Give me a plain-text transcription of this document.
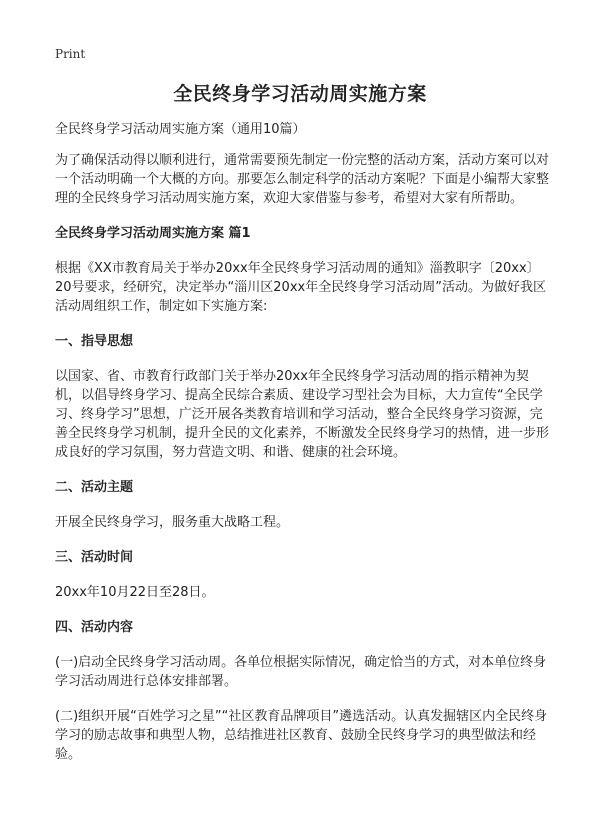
Print
全民终身学习活动周实施方案

全民终身学习活动周实施方案（通用10篇）

为了确保活动得以顺利进行，通常需要预先制定一份完整的活动方案，活动方案可以对一个活动明确一个大概的方向。那要怎么制定科学的活动方案呢？下面是小编帮大家整理的全民终身学习活动周实施方案，欢迎大家借鉴与参考，希望对大家有所帮助。

全民终身学习活动周实施方案 篇1

根据《XX市教育局关于举办20xx年全民终身学习活动周的通知》淄教职字〔20xx〕20号要求，经研究，决定举办“淄川区20xx年全民终身学习活动周”活动。为做好我区活动周组织工作，制定如下实施方案:

一、指导思想

以国家、省、市教育行政部门关于举办20xx年全民终身学习活动周的指示精神为契机，以倡导终身学习、提高全民综合素质、建设学习型社会为目标，大力宣传“全民学习、终身学习”思想，广泛开展各类教育培训和学习活动，整合全民终身学习资源，完善全民终身学习机制，提升全民的文化素养，不断激发全民终身学习的热情，进一步形成良好的学习氛围，努力营造文明、和谐、健康的社会环境。

二、活动主题

开展全民终身学习，服务重大战略工程。

三、活动时间

20xx年10月22日至28日。

四、活动内容

(一)启动全民终身学习活动周。各单位根据实际情况，确定恰当的方式，对本单位终身学习活动周进行总体安排部署。

(二)组织开展“百姓学习之星”“社区教育品牌项目”遴选活动。认真发掘辖区内全民终身学习的励志故事和典型人物，总结推进社区教育、鼓励全民终身学习的典型做法和经验。
